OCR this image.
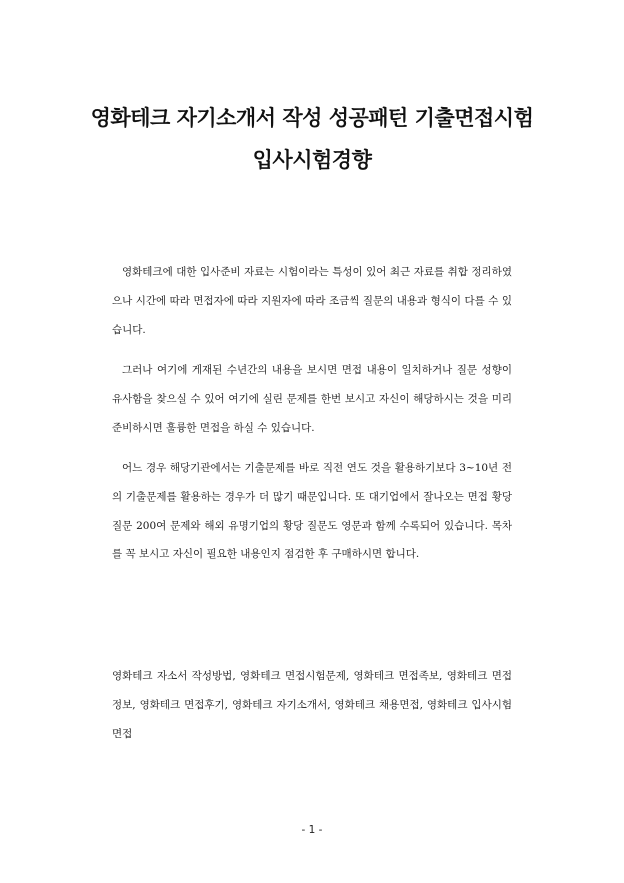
영화테크 자기소개서 작성 성공패턴 기출면접시험
입사시험경향

영화테크에 대한 입사준비 자료는 시험이라는 특성이 있어 최근 자료를 취합 정리하였으나 시간에 따라 면접자에 따라 지원자에 따라 조금씩 질문의 내용과 형식이 다를 수 있습니다.

그러나 여기에 게재된 수년간의 내용을 보시면 면접 내용이 일치하거나 질문 성향이 유사함을 찾으실 수 있어 여기에 실린 문제를 한번 보시고 자신이 해당하시는 것을 미리 준비하시면 훌륭한 면접을 하실 수 있습니다.

어느 경우 해당기관에서는 기출문제를 바로 직전 연도 것을 활용하기보다 3~10년 전의 기출문제를 활용하는 경우가 더 많기 때문입니다. 또 대기업에서 잘나오는 면접 황당 질문 200여 문제와 해외 유명기업의 황당 질문도 영문과 함께 수록되어 있습니다. 목차를 꼭 보시고 자신이 필요한 내용인지 점검한 후 구매하시면 합니다.

영화테크 자소서 작성방법, 영화테크 면접시험문제, 영화테크 면접족보, 영화테크 면접정보, 영화테크 면접후기, 영화테크 자기소개서, 영화테크 채용면접, 영화테크 입사시험면접

- 1 -
